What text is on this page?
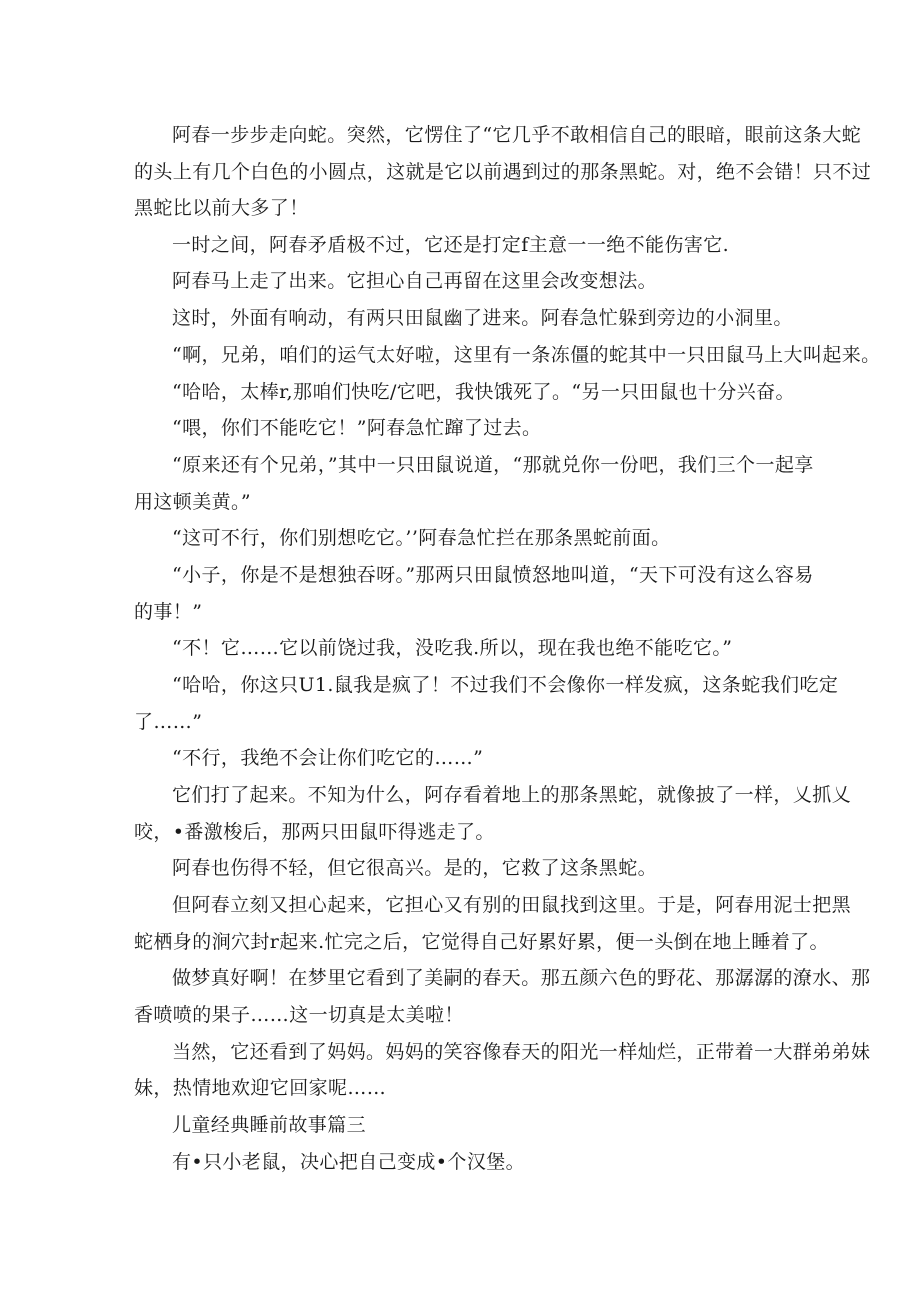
阿春一步步走向蛇。突然，它愣住了“它几乎不敢相信自己的眼暗，眼前这条大蛇
的头上有几个白色的小圆点，这就是它以前遇到过的那条黑蛇。对，绝不会错！只不过
黑蛇比以前大多了！
一时之间，阿春矛盾极不过，它还是打定f主意一一绝不能伤害它.
阿春马上走了出来。它担心自己再留在这里会改变想法。
这时，外面有响动，有两只田鼠幽了进来。阿春急忙躲到旁边的小洞里。
“啊，兄弟，咱们的运气太好啦，这里有一条冻僵的蛇其中一只田鼠马上大叫起来。
“哈哈，太棒r,那咱们快吃/它吧，我快饿死了。“另一只田鼠也十分兴奋。
“喂，你们不能吃它！”阿春急忙蹿了过去。
“原来还有个兄弟，”其中一只田鼠说道，“那就兑你一份吧，我们三个一起享
用这顿美黄。”
“这可不行，你们别想吃它。’’阿春急忙拦在那条黑蛇前面。
“小子，你是不是想独吞呀。”那两只田鼠愤怒地叫道，“天下可没有这么容易
的事！”
“不！它……它以前饶过我，没吃我.所以，现在我也绝不能吃它。”
“哈哈，你这只U1.鼠我是疯了！不过我们不会像你一样发疯，这条蛇我们吃定
了……”
“不行，我绝不会让你们吃它的……”
它们打了起来。不知为什么，阿存看着地上的那条黑蛇，就像披了一样，乂抓乂
咬，•番激梭后，那两只田鼠吓得逃走了。
阿春也伤得不轻，但它很高兴。是的，它救了这条黑蛇。
但阿春立刻又担心起来，它担心又有别的田鼠找到这里。于是，阿春用泥士把黑
蛇栖身的涧穴封r起来.忙完之后，它觉得自己好累好累，便一头倒在地上睡着了。
做梦真好啊！在梦里它看到了美嗣的春天。那五颜六色的野花、那潺潺的潦水、那
香喷喷的果子……这一切真是太美啦！
当然，它还看到了妈妈。妈妈的笑容像春天的阳光一样灿烂，正带着一大群弟弟妹
妹，热情地欢迎它回家呢……
儿童经典睡前故事篇三
有•只小老鼠，决心把自己变成•个汉堡。
